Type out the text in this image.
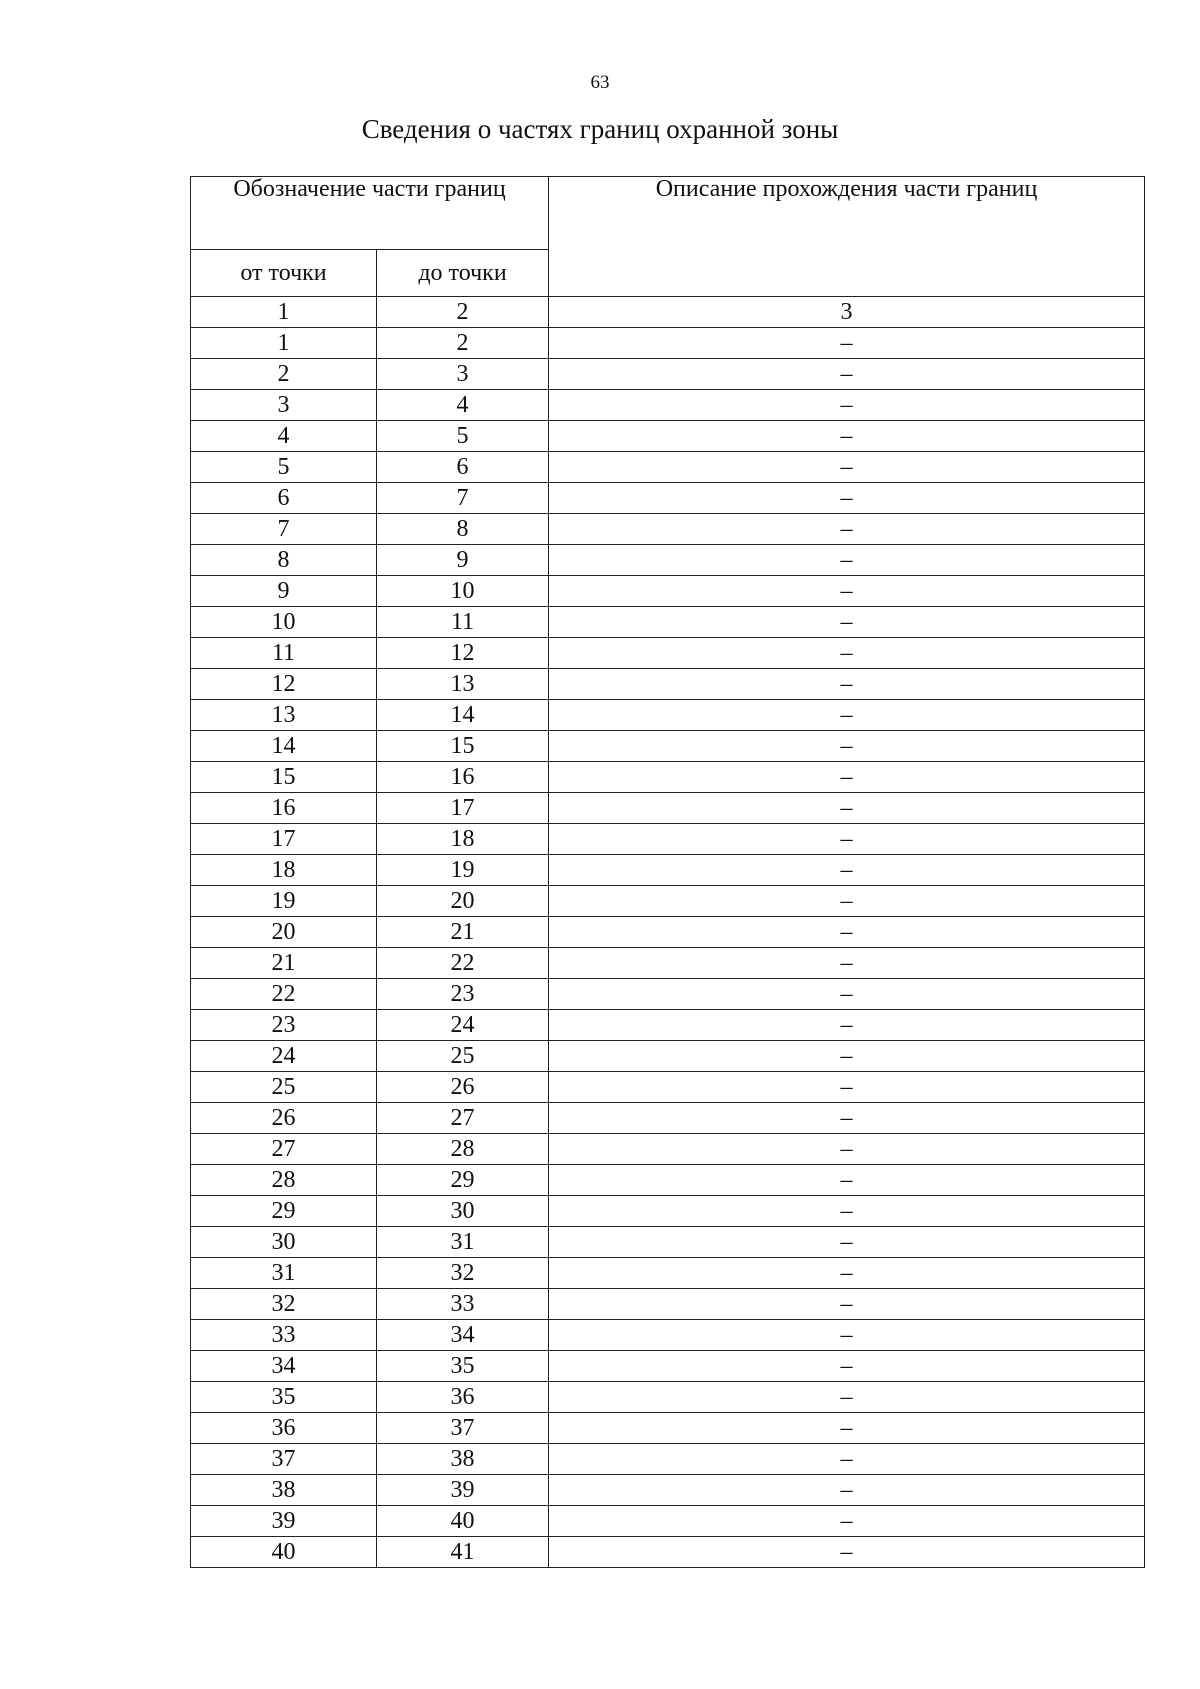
63
Сведения о частях границ охранной зоны
Обозначение части границ		Описание прохождения части границ
от точки	до точки	
1	2	3
1	2	–
2	3	–
3	4	–
4	5	–
5	6	–
6	7	–
7	8	–
8	9	–
9	10	–
10	11	–
11	12	–
12	13	–
13	14	–
14	15	–
15	16	–
16	17	–
17	18	–
18	19	–
19	20	–
20	21	–
21	22	–
22	23	–
23	24	–
24	25	–
25	26	–
26	27	–
27	28	–
28	29	–
29	30	–
30	31	–
31	32	–
32	33	–
33	34	–
34	35	–
35	36	–
36	37	–
37	38	–
38	39	–
39	40	–
40	41	–
